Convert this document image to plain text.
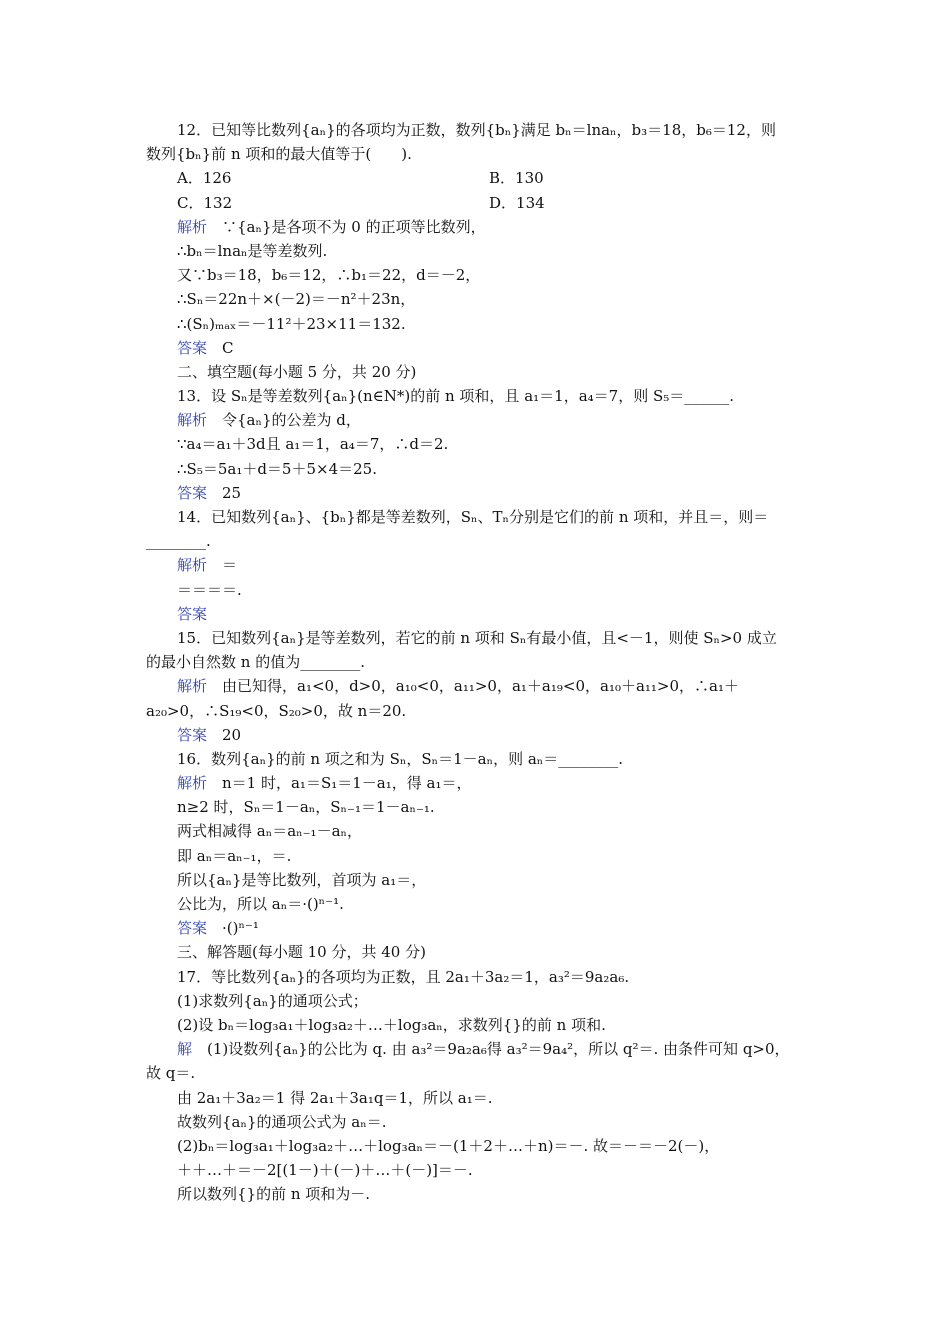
12．已知等比数列{aₙ}的各项均为正数，数列{bₙ}满足 bₙ＝lnaₙ，b₃＝18，b₆＝12，则
数列{bₙ}前 n 项和的最大值等于(　　).
A．126	B．130
C．132	D．134
解析　∵{aₙ}是各项不为 0 的正项等比数列，
∴bₙ＝lnaₙ是等差数列.
又∵b₃＝18，b₆＝12，∴b₁＝22，d＝－2，
∴Sₙ＝22n＋×(－2)＝－n²＋23n，
∴(Sₙ)ₘₐₓ＝－11²＋23×11＝132.
答案　C
二、填空题(每小题 5 分，共 20 分)
13．设 Sₙ是等差数列{aₙ}(n∈N*)的前 n 项和，且 a₁＝1，a₄＝7，则 S₅＝______.
解析　令{aₙ}的公差为 d，
∵a₄＝a₁＋3d且 a₁＝1，a₄＝7，∴d＝2.
∴S₅＝5a₁＋d＝5＋5×4＝25.
答案　25
14．已知数列{aₙ}、{bₙ}都是等差数列，Sₙ、Tₙ分别是它们的前 n 项和，并且＝，则＝
________.
解析　＝
＝＝＝＝.
答案
15．已知数列{aₙ}是等差数列，若它的前 n 项和 Sₙ有最小值，且<－1，则使 Sₙ>0 成立
的最小自然数 n 的值为________.
解析　由已知得，a₁<0，d>0，a₁₀<0，a₁₁>0，a₁＋a₁₉<0，a₁₀＋a₁₁>0，∴a₁＋
a₂₀>0，∴S₁₉<0，S₂₀>0，故 n＝20.
答案　20
16．数列{aₙ}的前 n 项之和为 Sₙ，Sₙ＝1－aₙ，则 aₙ＝________.
解析　n＝1 时，a₁＝S₁＝1－a₁，得 a₁＝，
n≥2 时，Sₙ＝1－aₙ，Sₙ₋₁＝1－aₙ₋₁.
两式相减得 aₙ＝aₙ₋₁－aₙ，
即 aₙ＝aₙ₋₁，＝.
所以{aₙ}是等比数列，首项为 a₁＝，
公比为，所以 aₙ＝·()ⁿ⁻¹.
答案　·()ⁿ⁻¹
三、解答题(每小题 10 分，共 40 分)
17．等比数列{aₙ}的各项均为正数，且 2a₁＋3a₂＝1，a₃²＝9a₂a₆.
(1)求数列{aₙ}的通项公式；
(2)设 bₙ＝log₃a₁＋log₃a₂＋…＋log₃aₙ，求数列{}的前 n 项和.
解　(1)设数列{aₙ}的公比为 q. 由 a₃²＝9a₂a₆得 a₃²＝9a₄²，所以 q²＝. 由条件可知 q>0，
故 q＝.
由 2a₁＋3a₂＝1 得 2a₁＋3a₁q＝1，所以 a₁＝.
故数列{aₙ}的通项公式为 aₙ＝.
(2)bₙ＝log₃a₁＋log₃a₂＋…＋log₃aₙ＝－(1＋2＋…＋n)＝－. 故＝－＝－2(－)，
＋＋…＋＝－2[(1－)＋(－)＋…＋(－)]＝－.
所以数列{}的前 n 项和为－.
